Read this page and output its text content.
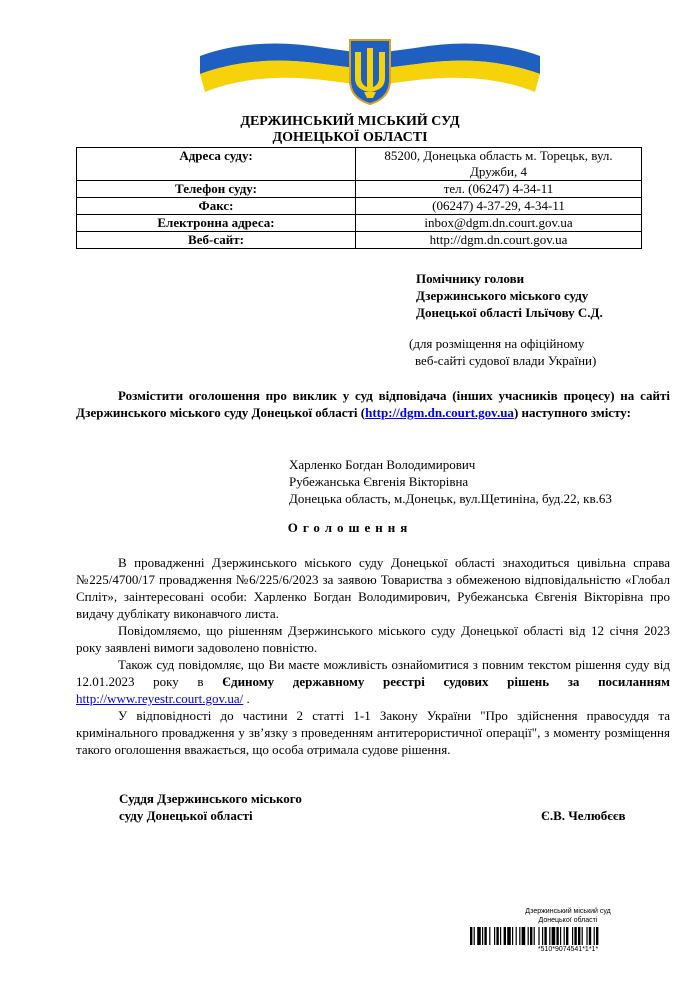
ДЕРЖИНСЬКИЙ МІСЬКИЙ СУД
ДОНЕЦЬКОЇ ОБЛАСТІ
Адреса суду:	85200, Донецька область м. Торецьк, вул. Дружби, 4
Телефон суду:	тел. (06247) 4-34-11
Факс:	(06247) 4-37-29, 4-34-11
Електронна адреса:	inbox@dgm.dn.court.gov.ua
Веб-сайт:	http://dgm.dn.court.gov.ua
Помічнику голови
Дзержинського міського суду
Донецької області Ільїчову С.Д.
(для розміщення на офіційному
веб-сайті судової влади України)
Розмістити оголошення про виклик у суд відповідача (інших учасників процесу) на сайті Дзержинського міського суду Донецької області (http://dgm.dn.court.gov.ua) наступного змісту:
Харленко Богдан Володимирович
Рубежанська Євгенія Вікторівна
Донецька область, м.Донецьк, вул.Щетиніна, буд.22, кв.63
Оголошення

В провадженні Дзержинського міського суду Донецької області знаходиться цивільна справа №225/4700/17 провадження №6/225/6/2023 за заявою Товариства з обмеженою відповідальністю «Глобал Спліт», заінтересовані особи: Харленко Богдан Володимирович, Рубежанська Євгенія Вікторівна про видачу дублікату виконавчого листа.

Повідомляємо, що рішенням Дзержинського міського суду Донецької області від 12 січня 2023 року заявлені вимоги задоволено повністю.

Також суд повідомляє, що Ви маєте можливість ознайомитися з повним текстом рішення суду від 12.01.2023 року в Єдиному державному реєстрі судових рішень за посиланням http://www.reyestr.court.gov.ua/ .

У відповідності до частини 2 статті 1-1 Закону України "Про здійснення правосуддя та кримінального провадження у зв’язку з проведенням антитерористичної операції", з моменту розміщення такого оголошення вважається, що особа отримала судове рішення.

Суддя Дзержинського міського
суду Донецької області	Є.В. Челюбєєв
Дзержинський міський суд
Донецької області
*510*9074541*1*1*
